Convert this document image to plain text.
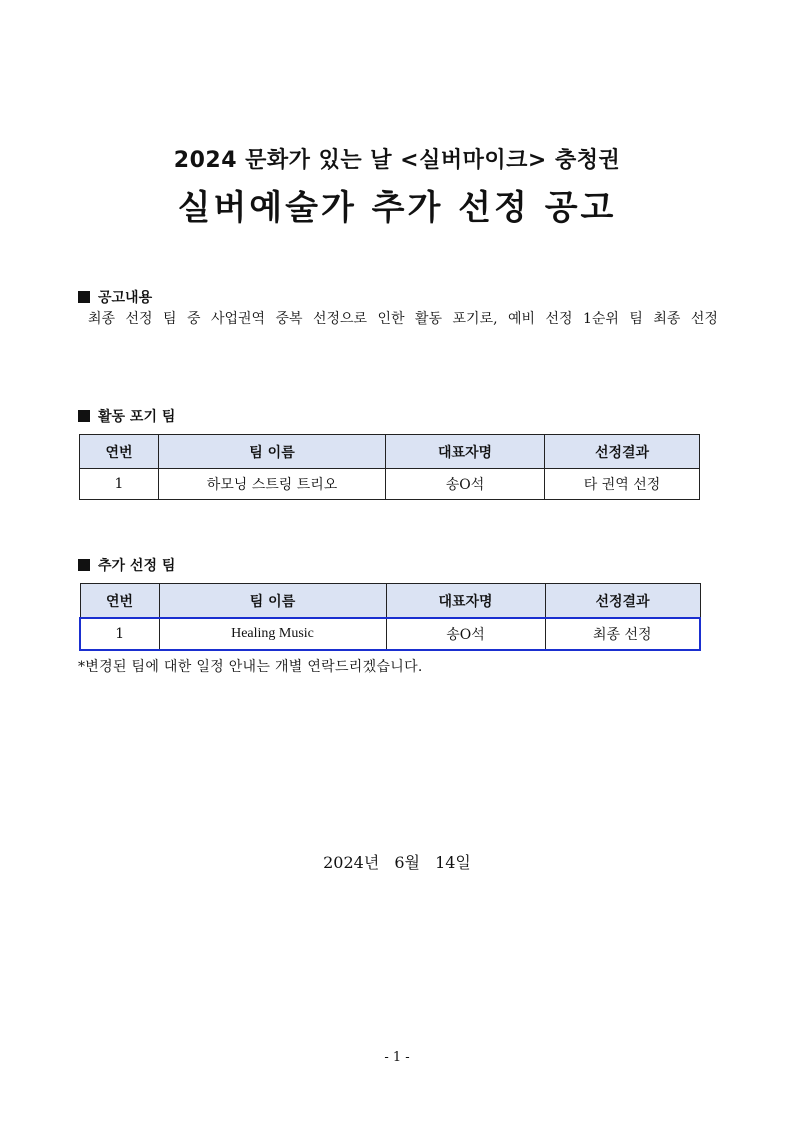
2024 문화가 있는 날 <실버마이크> 충청권
실버예술가 추가 선정 공고
공고내용
최종 선정 팀 중 사업권역 중복 선정으로 인한 활동 포기로, 예비 선정 1순위 팀 최종 선정
활동 포기 팀
연번	팀 이름	대표자명	선정결과
1	하모닝 스트링 트리오	송O석	타 권역 선정
추가 선정 팀
연번	팀 이름	대표자명	선정결과
1	Healing Music	송O석	최종 선정
*변경된 팀에 대한 일정 안내는 개별 연락드리겠습니다.
2024년 6월 14일
- 1 -
